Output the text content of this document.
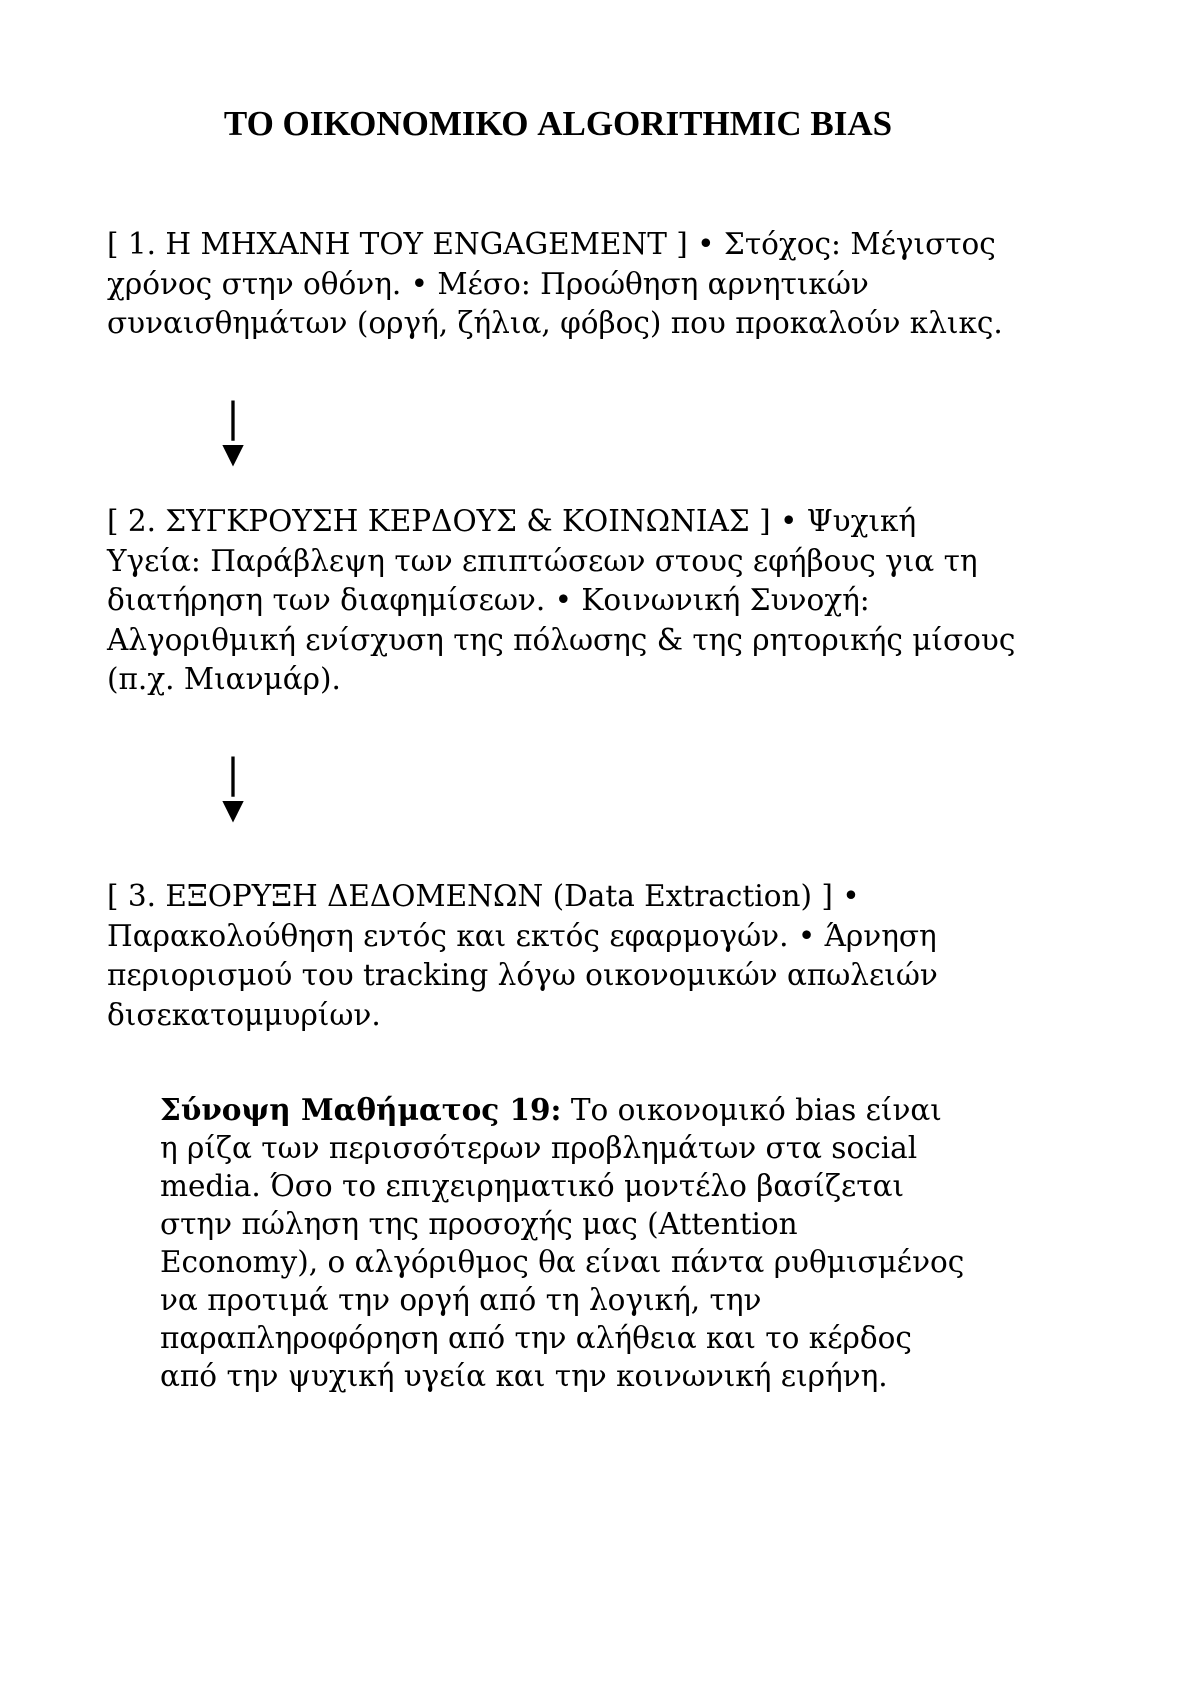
ΤΟ ΟΙΚΟΝΟΜΙΚΟ ALGORITHMIC BIAS
[ 1. Η ΜΗΧΑΝΗ ΤΟΥ ENGAGEMENT ] • Στόχος: Μέγιστος
χρόνος στην οθόνη. • Μέσο: Προώθηση αρνητικών
συναισθημάτων (οργή, ζήλια, φόβος) που προκαλούν κλικς.
|
▼
[ 2. ΣΥΓΚΡΟΥΣΗ ΚΕΡΔΟΥΣ & ΚΟΙΝΩΝΙΑΣ ] • Ψυχική
Υγεία: Παράβλεψη των επιπτώσεων στους εφήβους για τη
διατήρηση των διαφημίσεων. • Κοινωνική Συνοχή:
Αλγοριθμική ενίσχυση της πόλωσης & της ρητορικής μίσους
(π.χ. Μιανμάρ).
|
▼
[ 3. ΕΞΟΡΥΞΗ ΔΕΔΟΜΕΝΩΝ (Data Extraction) ] •
Παρακολούθηση εντός και εκτός εφαρμογών. • Άρνηση
περιορισμού του tracking λόγω οικονομικών απωλειών
δισεκατομμυρίων.

Σύνοψη Μαθήματος 19: Το οικονομικό bias είναι
η ρίζα των περισσότερων προβλημάτων στα social
media. Όσο το επιχειρηματικό μοντέλο βασίζεται
στην πώληση της προσοχής μας (Attention
Economy), ο αλγόριθμος θα είναι πάντα ρυθμισμένος
να προτιμά την οργή από τη λογική, την
παραπληροφόρηση από την αλήθεια και το κέρδος
από την ψυχική υγεία και την κοινωνική ειρήνη.
